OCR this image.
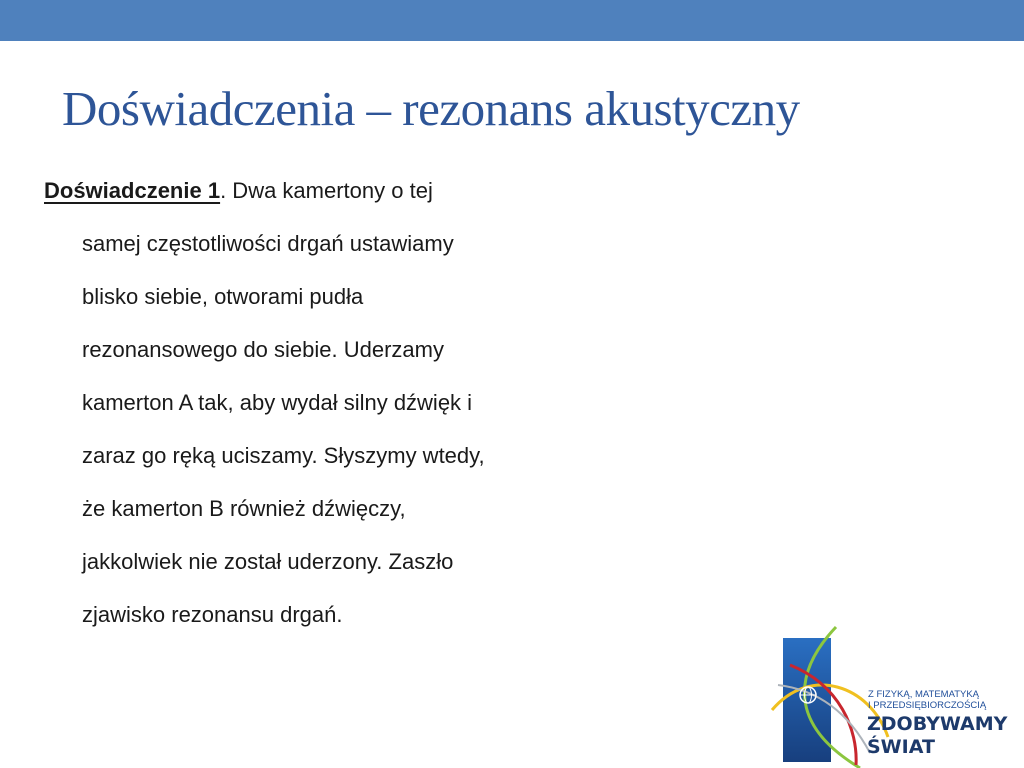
Doświadczenia – rezonans akustyczny
Doświadczenie 1. Dwa kamertony o tej
samej częstotliwości drgań ustawiamy
blisko siebie, otworami pudła
rezonansowego do siebie. Uderzamy
kamerton A tak, aby wydał silny dźwięk i
zaraz go ręką uciszamy. Słyszymy wtedy,
że kamerton B również dźwięczy,
jakkolwiek nie został uderzony. Zaszło
zjawisko rezonansu drgań.
Z FIZYKĄ, MATEMATYKĄ
I PRZEDSIĘBIORCZOŚCIĄ
ZDOBYWAMY
ŚWIAT
